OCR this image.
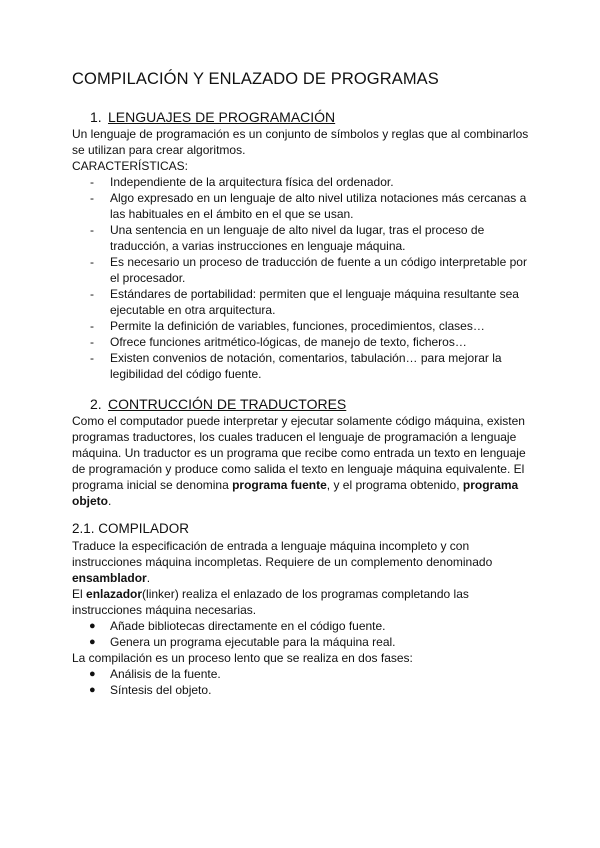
COMPILACIÓN Y ENLAZADO DE PROGRAMAS
1. LENGUAJES DE PROGRAMACIÓN

Un lenguaje de programación es un conjunto de símbolos y reglas que al combinarlos se utilizan para crear algoritmos.

CARACTERÍSTICAS:

- Independiente de la arquitectura física del ordenador.
- Algo expresado en un lenguaje de alto nivel utiliza notaciones más cercanas a las habituales en el ámbito en el que se usan.
- Una sentencia en un lenguaje de alto nivel da lugar, tras el proceso de traducción, a varias instrucciones en lenguaje máquina.
- Es necesario un proceso de traducción de fuente a un código interpretable por el procesador.
- Estándares de portabilidad: permiten que el lenguaje máquina resultante sea ejecutable en otra arquitectura.
- Permite la definición de variables, funciones, procedimientos, clases…
- Ofrece funciones aritmético-lógicas, de manejo de texto, ficheros…
- Existen convenios de notación, comentarios, tabulación… para mejorar la legibilidad del código fuente.
2. CONTRUCCIÓN DE TRADUCTORES

Como el computador puede interpretar y ejecutar solamente código máquina, existen programas traductores, los cuales traducen el lenguaje de programación a lenguaje máquina. Un traductor es un programa que recibe como entrada un texto en lenguaje de programación y produce como salida el texto en lenguaje máquina equivalente. El programa inicial se denomina programa fuente, y el programa obtenido, programa objeto.

2.1. COMPILADOR

Traduce la especificación de entrada a lenguaje máquina incompleto y con instrucciones máquina incompletas. Requiere de un complemento denominado ensamblador.

El enlazador(linker) realiza el enlazado de los programas completando las instrucciones máquina necesarias.

● Añade bibliotecas directamente en el código fuente.
● Genera un programa ejecutable para la máquina real.

La compilación es un proceso lento que se realiza en dos fases:

● Análisis de la fuente.
● Síntesis del objeto.
